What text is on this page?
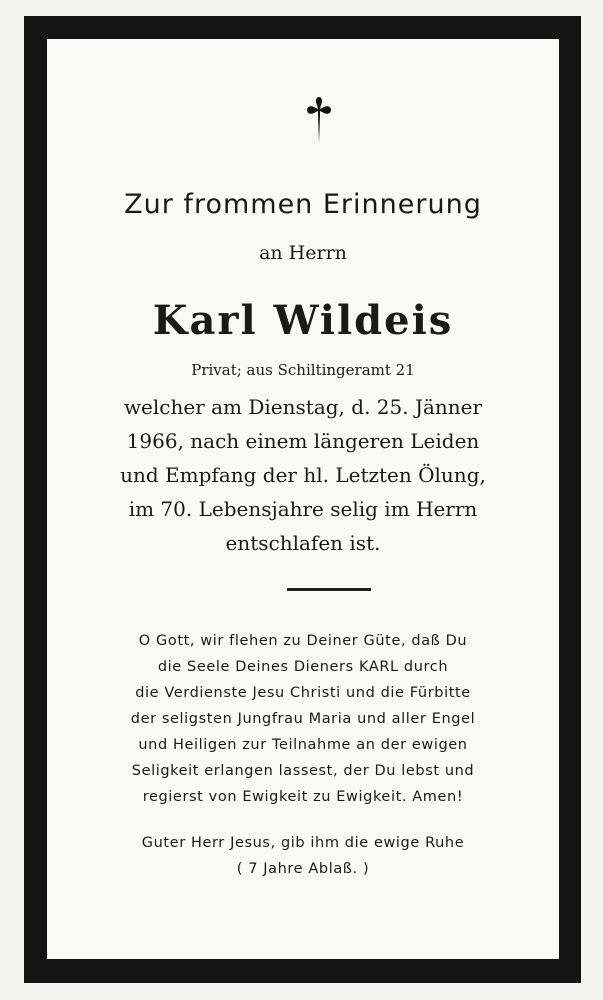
Zur frommen Erinnerung

an Herrn

Karl Wildeis

Privat; aus Schiltingeramt 21

welcher am Dienstag, d. 25. Jänner

1966, nach einem längeren Leiden

und Empfang der hl. Letzten Ölung,

im 70. Lebensjahre selig im Herrn

entschlafen ist.

O Gott, wir flehen zu Deiner Güte, daß Du

die Seele Deines Dieners KARL durch

die Verdienste Jesu Christi und die Fürbitte

der seligsten Jungfrau Maria und aller Engel

und Heiligen zur Teilnahme an der ewigen

Seligkeit erlangen lassest, der Du lebst und

regierst von Ewigkeit zu Ewigkeit. Amen!

Guter Herr Jesus, gib ihm die ewige Ruhe

( 7 Jahre Ablaß. )
